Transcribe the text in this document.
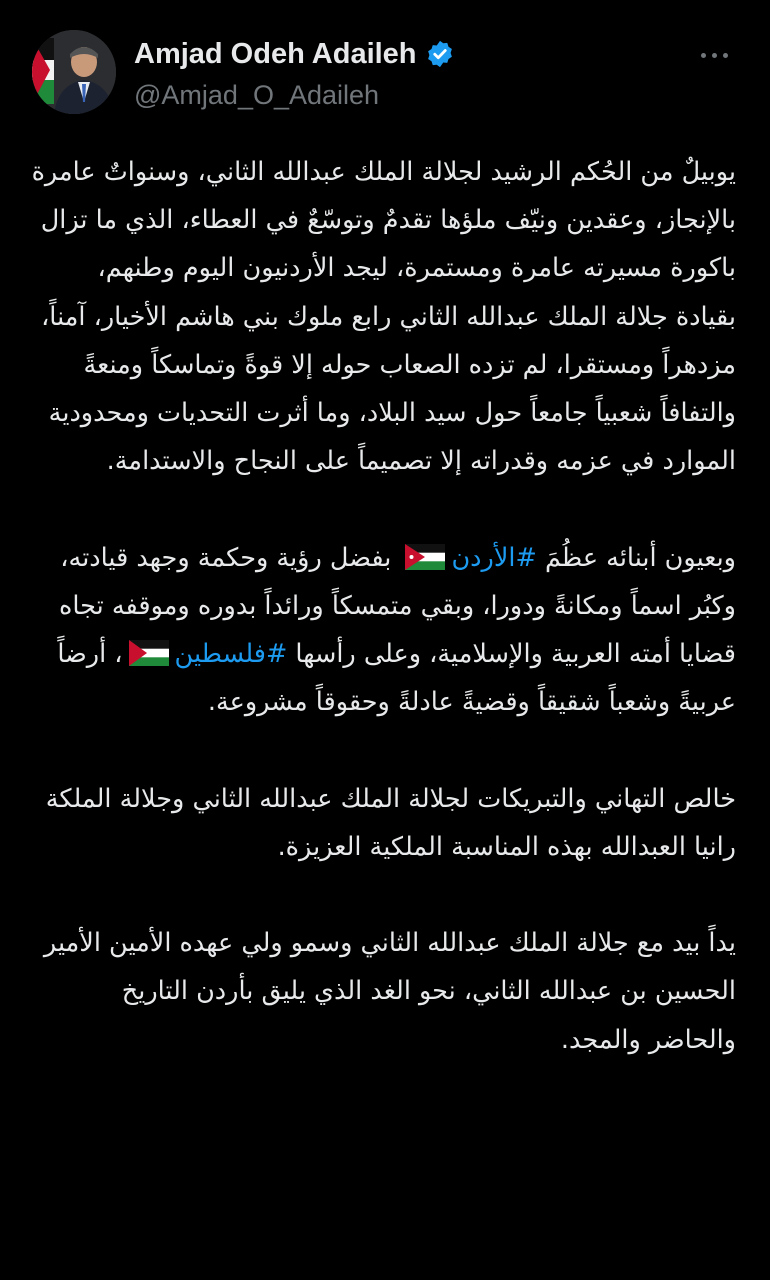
Amjad Odeh Adaileh
@Amjad_O_Adaileh

يوبيلٌ من الحُكم الرشيد لجلالة الملك عبدالله الثاني، وسنواتٌ عامرة بالإنجاز، وعقدين ونيّف ملؤها تقدمٌ وتوسّعٌ في العطاء، الذي ما تزال باكورة مسيرته عامرة ومستمرة، ليجد الأردنيون اليوم وطنهم، بقيادة جلالة الملك عبدالله الثاني رابع ملوك بني هاشم الأخيار، آمناً، مزدهراً ومستقرا، لم تزده الصعاب حوله إلا قوةً وتماسكاً ومنعةً والتفافاً شعبياً جامعاً حول سيد البلاد، وما أثرت التحديات ومحدودية الموارد في عزمه وقدراته إلا تصميماً على النجاح والاستدامة.

وبعيون أبنائه عظُمَ #الأردن
بفضل رؤية وحكمة وجهد قيادته، وكبُر اسماً ومكانةً ودورا، وبقي متمسكاً ورائداً بدوره وموقفه تجاه قضايا أمته العربية والإسلامية، وعلى رأسها #فلسطين
، أرضاً عربيةً وشعباً شقيقاً وقضيةً عادلةً وحقوقاً مشروعة.

خالص التهاني والتبريكات لجلالة الملك عبدالله الثاني وجلالة الملكة رانيا العبدالله بهذه المناسبة الملكية العزيزة.

يداً بيد مع جلالة الملك عبدالله الثاني وسمو ولي عهده الأمين الأمير الحسين بن عبدالله الثاني، نحو الغد الذي يليق بأردن التاريخ والحاضر والمجد.
